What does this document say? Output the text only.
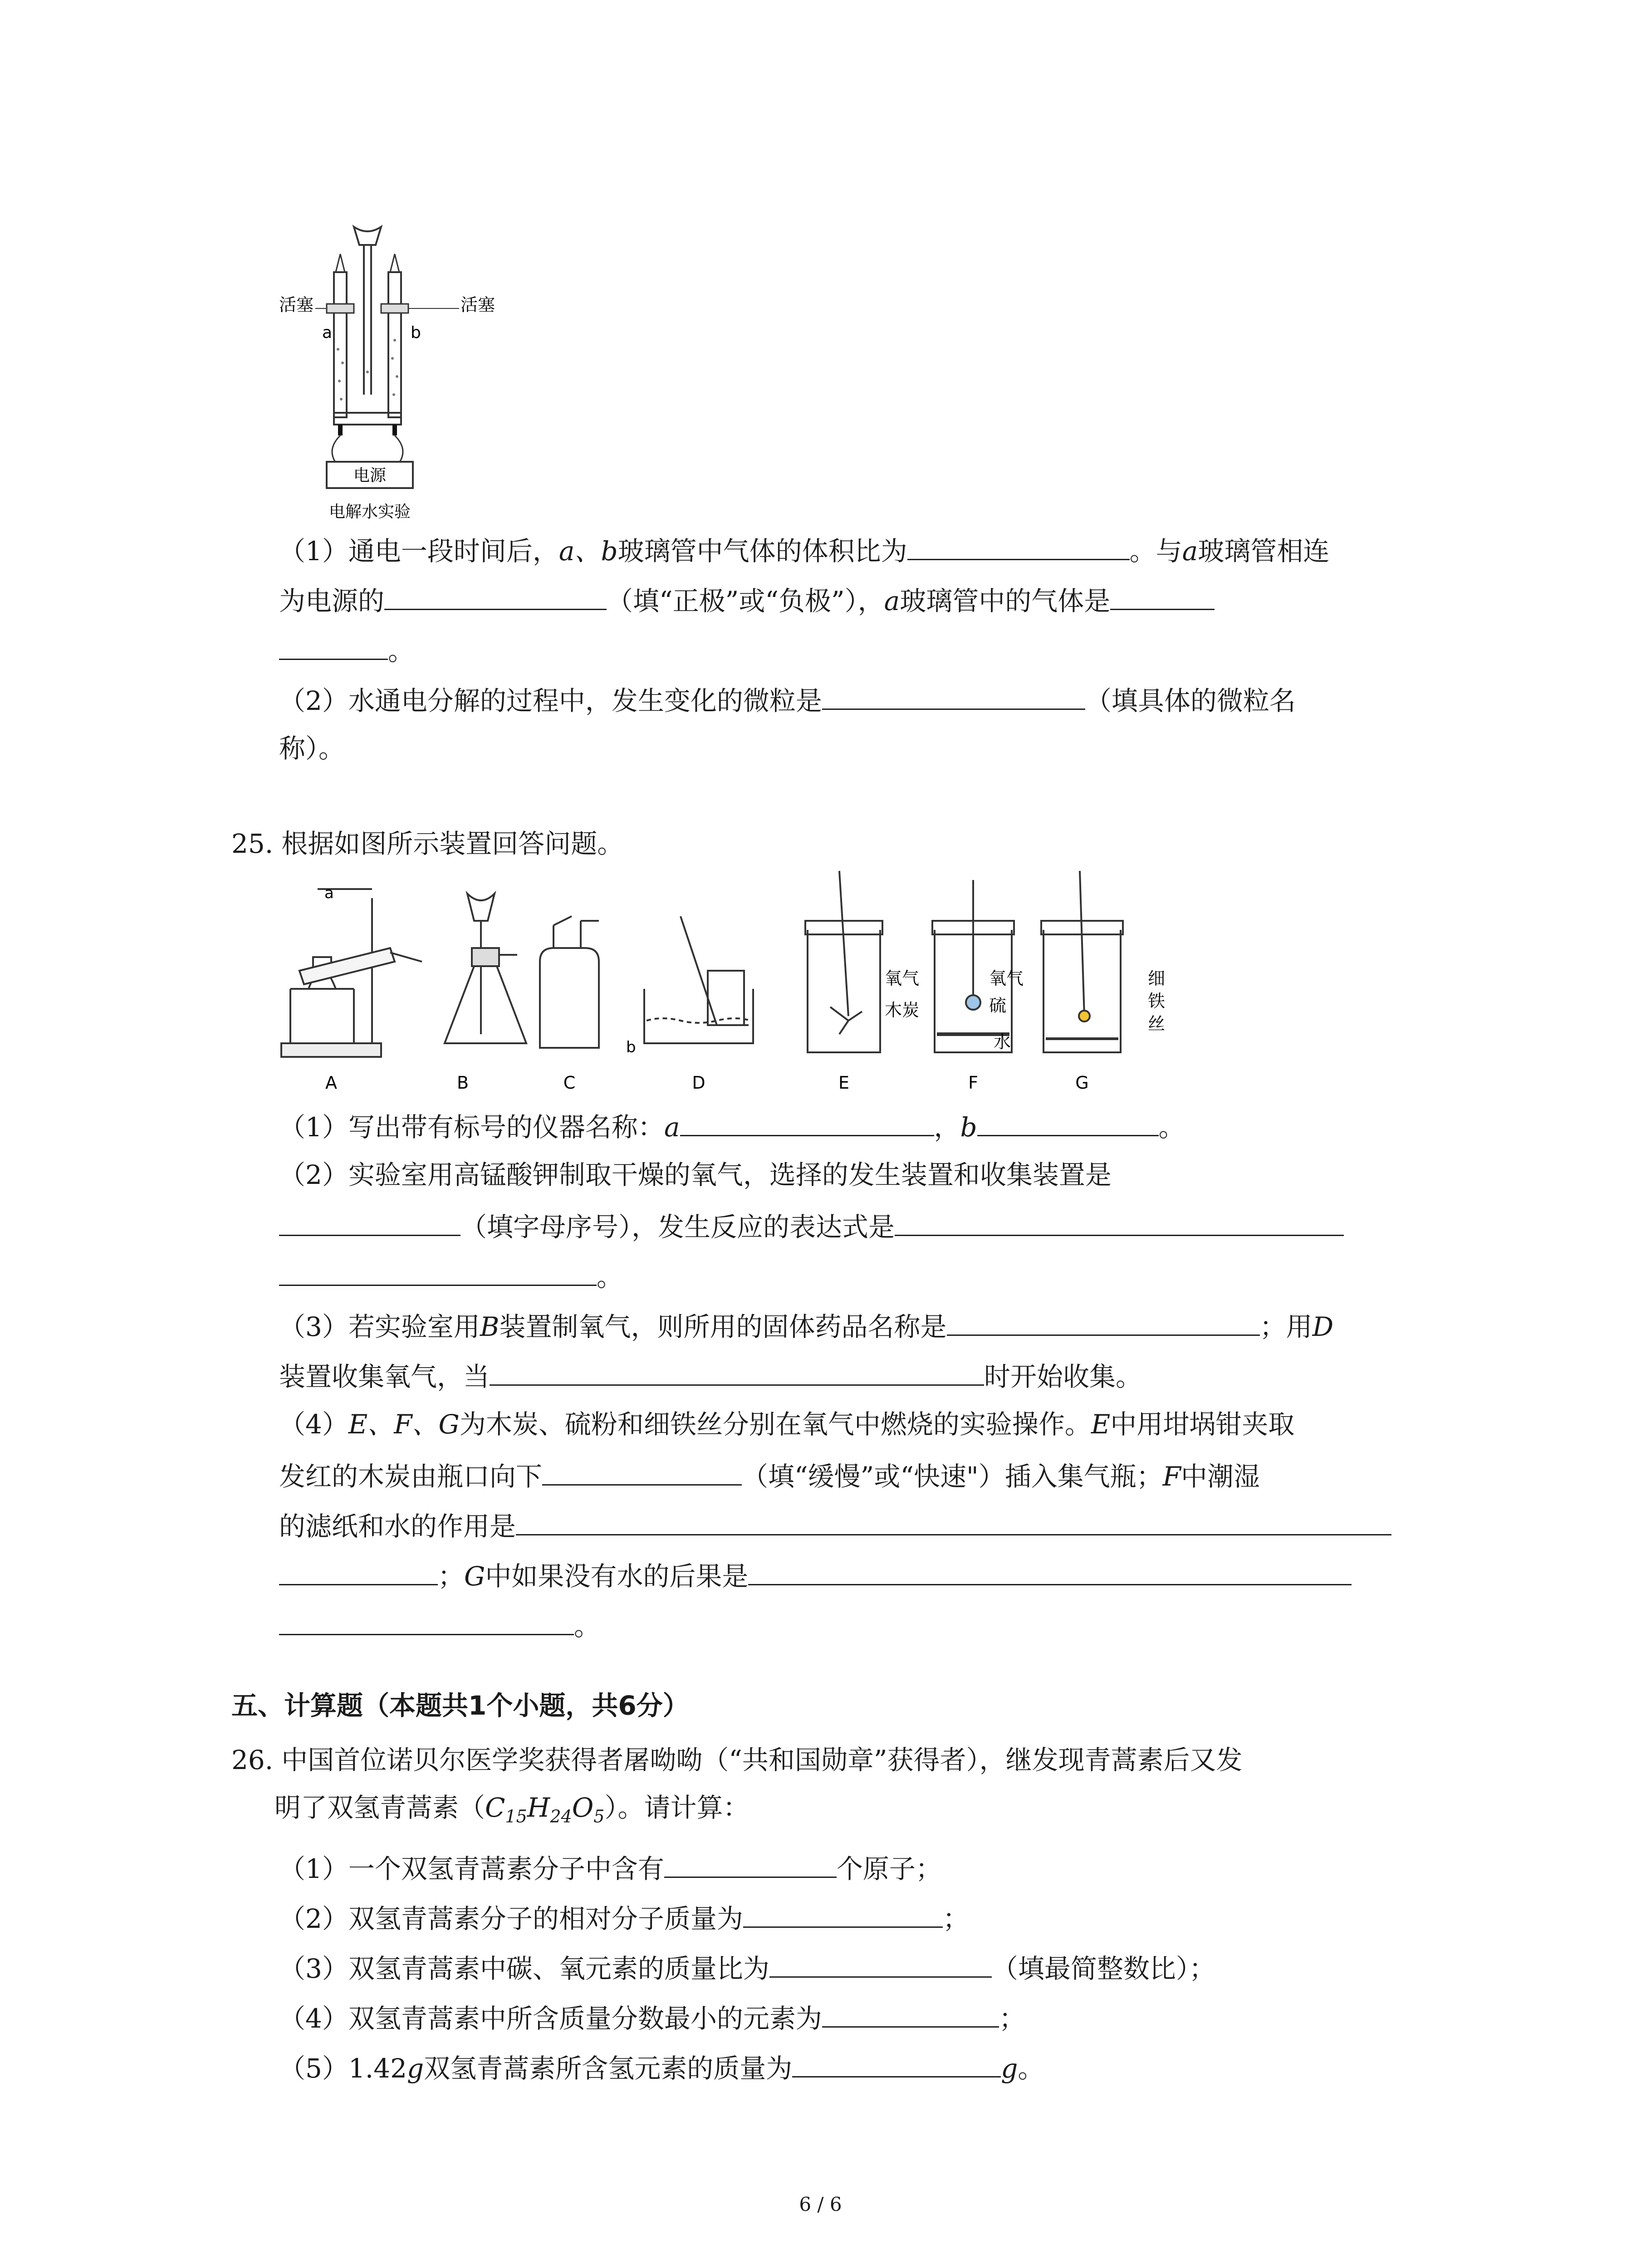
电源
电解水实验
活塞	活塞
a	b
（1）通电一段时间后，a、b玻璃管中气体的体积比为	。与a玻璃管相连
为电源的	（填“正极”或“负极”），a玻璃管中的气体是
。
（2）水通电分解的过程中，发生变化的微粒是	（填具体的微粒名
称）。
25. 根据如图所示装置回答问题。
a
b
氧气
木炭
氧气
硫
水
细
铁
丝
A	B	C	D	E	F	G
（1）写出带有标号的仪器名称：a	，b	。
（2）实验室用高锰酸钾制取干燥的氧气，选择的发生装置和收集装置是
（填字母序号），发生反应的表达式是
。
（3）若实验室用B装置制氧气，则所用的固体药品名称是	；用D
装置收集氧气，当	时开始收集。
（4）E、F、G为木炭、硫粉和细铁丝分别在氧气中燃烧的实验操作。E中用坩埚钳夹取
发红的木炭由瓶口向下	（填“缓慢”或“快速"）插入集气瓶；F中潮湿
的滤纸和水的作用是
；G中如果没有水的后果是
。
五、计算题（本题共1个小题，共6分）
26. 中国首位诺贝尔医学奖获得者屠呦呦（“共和国勋章”获得者），继发现青蒿素后又发
明了双氢青蒿素$(C_{15}H_{24}O_5)$。请计算：
（1）一个双氢青蒿素分子中含有	个原子；
（2）双氢青蒿素分子的相对分子质量为	；
（3）双氢青蒿素中碳、氧元素的质量比为	（填最简整数比）；
（4）双氢青蒿素中所含质量分数最小的元素为	；
（5）1.42g双氢青蒿素所含氢元素的质量为	g。
6 / 6
